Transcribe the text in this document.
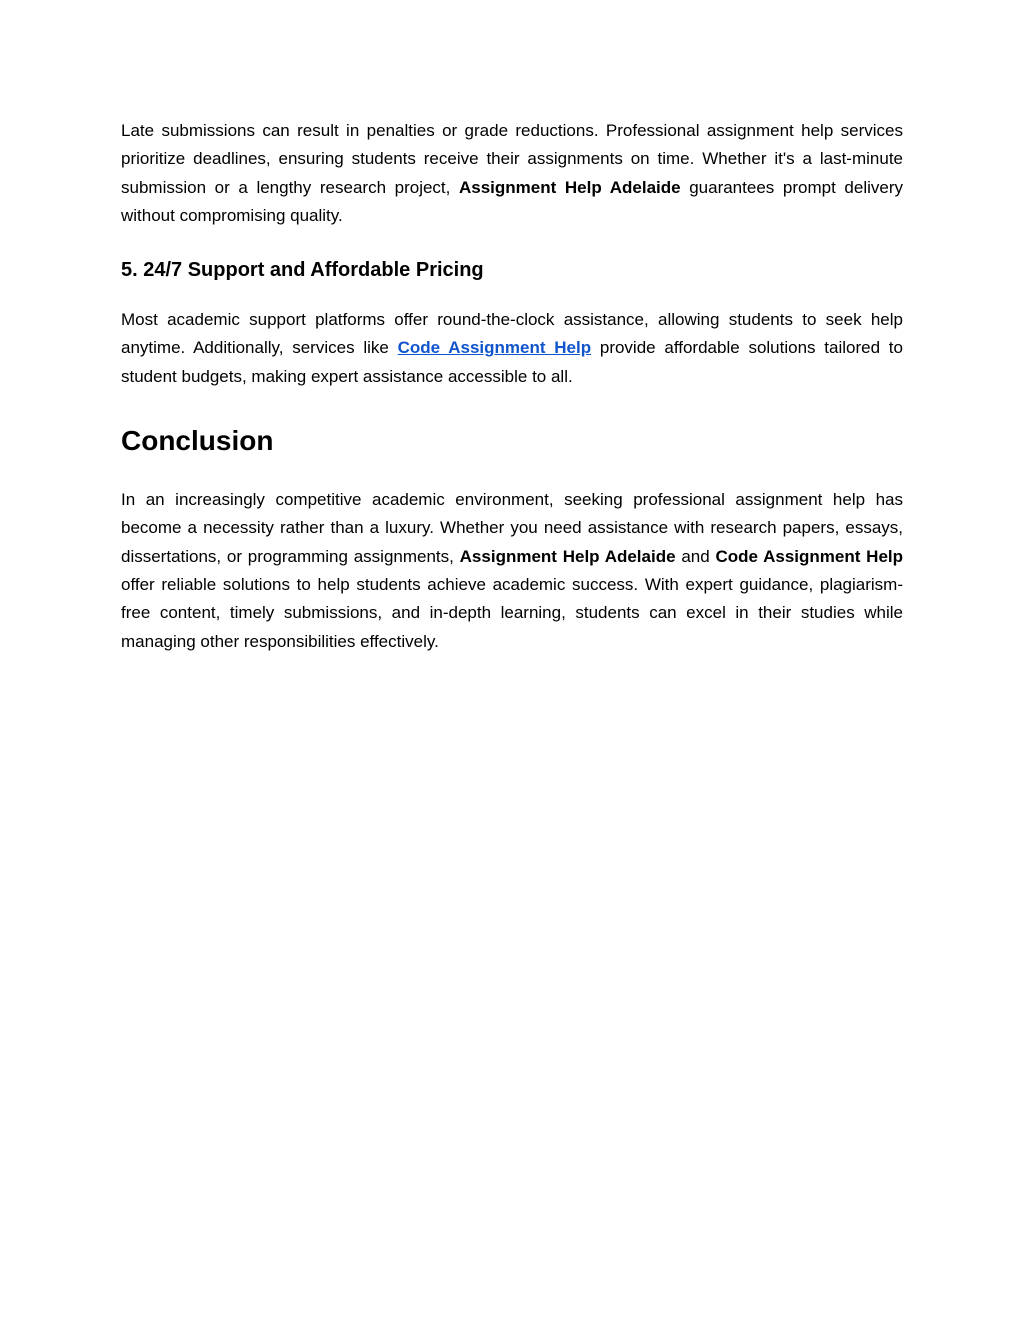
Late submissions can result in penalties or grade reductions. Professional assignment help services prioritize deadlines, ensuring students receive their assignments on time. Whether it's a last-minute submission or a lengthy research project, Assignment Help Adelaide guarantees prompt delivery without compromising quality.

5. 24/7 Support and Affordable Pricing

Most academic support platforms offer round-the-clock assistance, allowing students to seek help anytime. Additionally, services like Code Assignment Help provide affordable solutions tailored to student budgets, making expert assistance accessible to all.

Conclusion

In an increasingly competitive academic environment, seeking professional assignment help has become a necessity rather than a luxury. Whether you need assistance with research papers, essays, dissertations, or programming assignments, Assignment Help Adelaide and Code Assignment Help offer reliable solutions to help students achieve academic success. With expert guidance, plagiarism-free content, timely submissions, and in-depth learning, students can excel in their studies while managing other responsibilities effectively.
